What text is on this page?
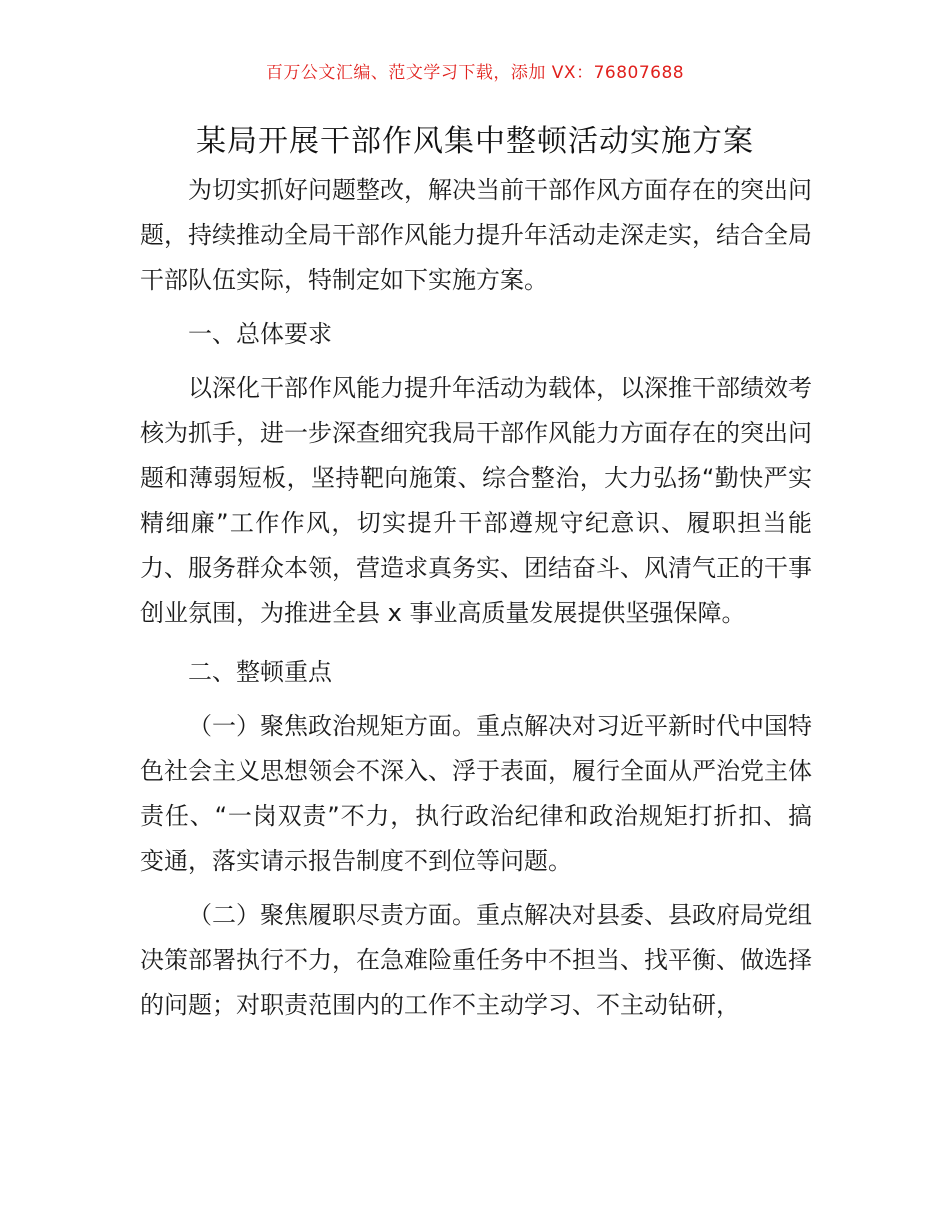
百万公文汇编、范文学习下载，添加 VX：76807688
某局开展干部作风集中整顿活动实施方案

为切实抓好问题整改，解决当前干部作风方面存在的突出问题，持续推动全局干部作风能力提升年活动走深走实，结合全局干部队伍实际，特制定如下实施方案。

一、总体要求

以深化干部作风能力提升年活动为载体，以深推干部绩效考核为抓手，进一步深查细究我局干部作风能力方面存在的突出问题和薄弱短板，坚持靶向施策、综合整治，大力弘扬“勤快严实精细廉”工作作风，切实提升干部遵规守纪意识、履职担当能力、服务群众本领，营造求真务实、团结奋斗、风清气正的干事创业氛围，为推进全县 x 事业高质量发展提供坚强保障。

二、整顿重点

（一）聚焦政治规矩方面。重点解决对习近平新时代中国特色社会主义思想领会不深入、浮于表面，履行全面从严治党主体责任、“一岗双责”不力，执行政治纪律和政治规矩打折扣、搞变通，落实请示报告制度不到位等问题。

（二）聚焦履职尽责方面。重点解决对县委、县政府局党组决策部署执行不力，在急难险重任务中不担当、找平衡、做选择的问题；对职责范围内的工作不主动学习、不主动钻研，
